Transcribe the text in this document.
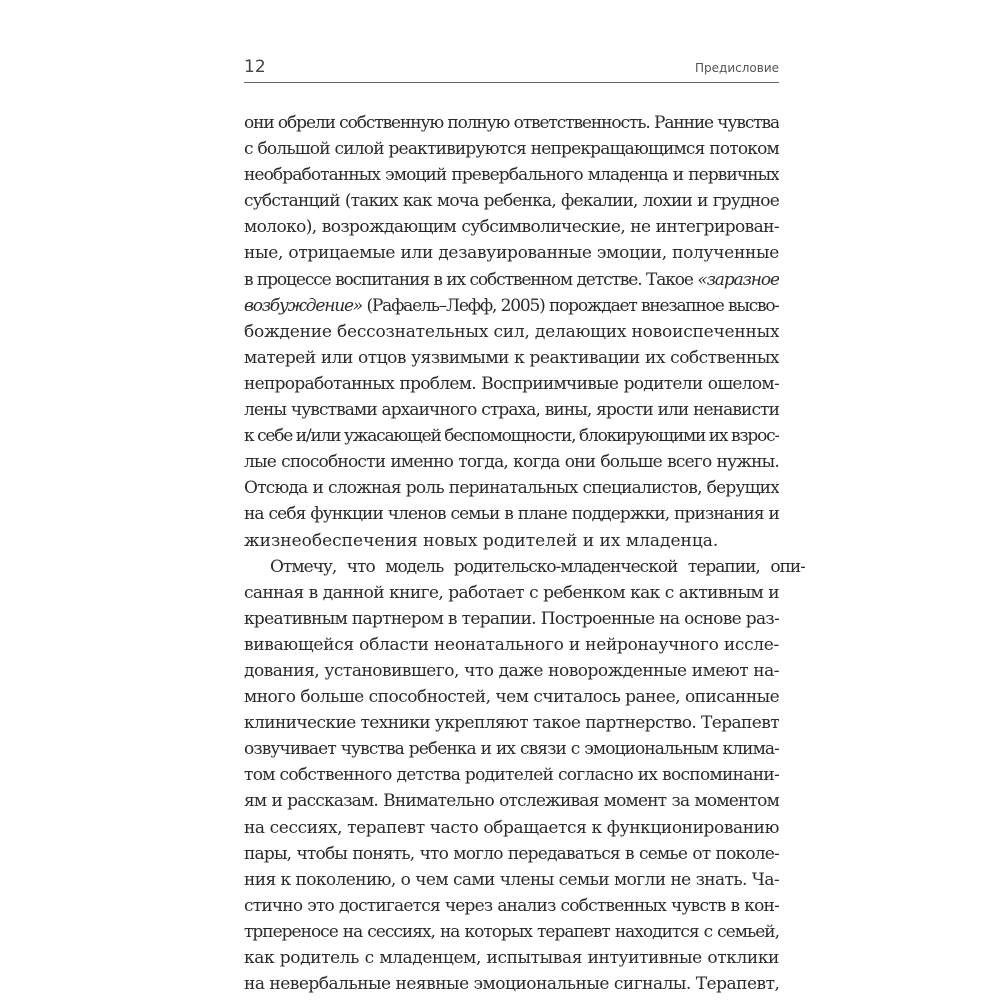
12	Предисловие
они обрели собственную полную ответственность. Ранние чувства
с большой силой реактивируются непрекращающимся потоком
необработанных эмоций превербального младенца и первичных
субстанций (таких как моча ребенка, фекалии, лохии и грудное
молоко), возрождающим субсимволические, не интегрирован-
ные, отрицаемые или дезавуированные эмоции, полученные
в процессе воспитания в их собственном детстве. Такое «заразное
возбуждение» (Рафаель–Лефф, 2005) порождает внезапное высво-
бождение бессознательных сил, делающих новоиспеченных
матерей или отцов уязвимыми к реактивации их собственных
непроработанных проблем. Восприимчивые родители ошелом-
лены чувствами архаичного страха, вины, ярости или ненависти
к себе и/или ужасающей беспомощности, блокирующими их взрос-
лые способности именно тогда, когда они больше всего нужны.
Отсюда и сложная роль перинатальных специалистов, берущих
на себя функции членов семьи в плане поддержки, признания и
жизнеобеспечения новых родителей и их младенца.
Отмечу, что модель родительско-младенческой терапии, опи-
санная в данной книге, работает с ребенком как с активным и
креативным партнером в терапии. Построенные на основе раз-
вивающейся области неонатального и нейронаучного иссле-
дования, установившего, что даже новорожденные имеют на-
много больше способностей, чем считалось ранее, описанные
клинические техники укрепляют такое партнерство. Терапевт
озвучивает чувства ребенка и их связи с эмоциональным клима-
том собственного детства родителей согласно их воспоминани-
ям и рассказам. Внимательно отслеживая момент за моментом
на сессиях, терапевт часто обращается к функционированию
пары, чтобы понять, что могло передаваться в семье от поколе-
ния к поколению, о чем сами члены семьи могли не знать. Ча-
стично это достигается через анализ собственных чувств в кон-
трпереносе на сессиях, на которых терапевт находится с семьей,
как родитель с младенцем, испытывая интуитивные отклики
на невербальные неявные эмоциональные сигналы. Терапевт,
